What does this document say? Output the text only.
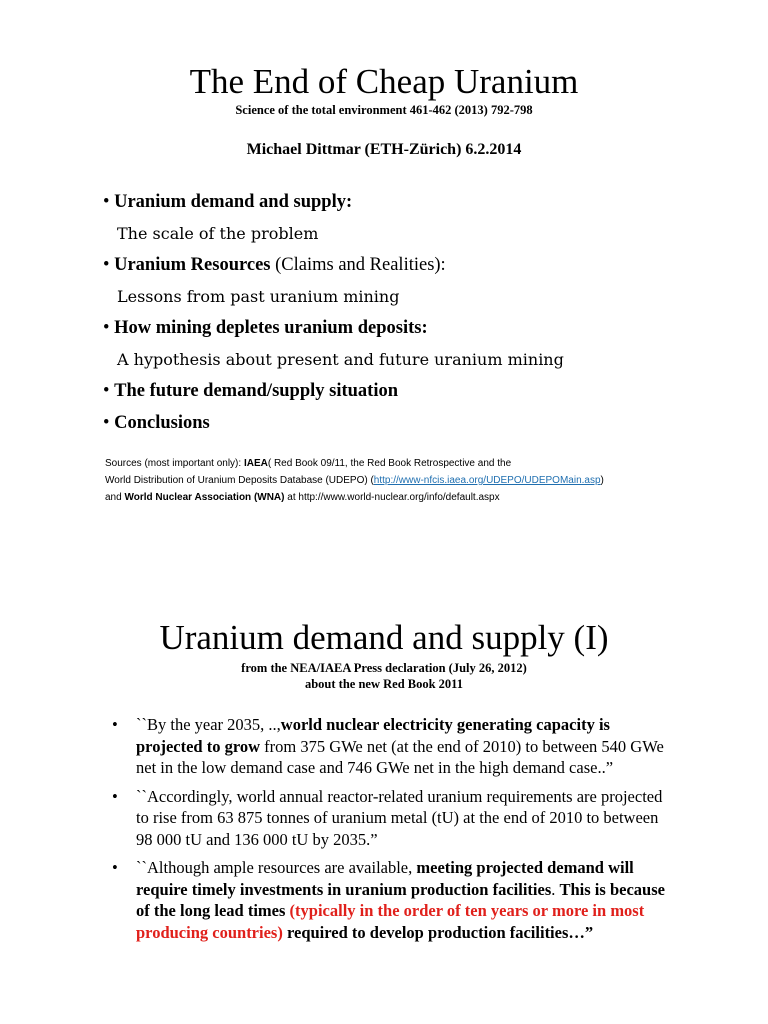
The End of Cheap Uranium
Science of the total environment 461-462 (2013) 792-798
Michael Dittmar (ETH-Zürich) 6.2.2014
• Uranium demand and supply:
The scale of the problem
• Uranium Resources (Claims and Realities):
Lessons from past uranium mining
• How mining depletes uranium deposits:
A hypothesis about present and future uranium mining
• The future demand/supply situation
• Conclusions
Sources (most important only): IAEA( Red Book 09/11, the Red Book Retrospective and the
World Distribution of Uranium Deposits Database (UDEPO) (http://www-nfcis.iaea.org/UDEPO/UDEPOMain.asp)
and World Nuclear Association (WNA) at http://www.world-nuclear.org/info/default.aspx
Uranium demand and supply (I)
from the NEA/IAEA Press declaration (July 26, 2012)
about the new Red Book 2011
• ``By the year 2035, ..,world nuclear electricity generating capacity is projected to grow from 375 GWe net (at the end of 2010) to between 540 GWe net in the low demand case and 746 GWe net in the high demand case..”
• ``Accordingly, world annual reactor-related uranium requirements are projected to rise from 63 875 tonnes of uranium metal (tU) at the end of 2010 to between 98 000 tU and 136 000 tU by 2035.”
• ``Although ample resources are available, meeting projected demand will require timely investments in uranium production facilities. This is because of the long lead times (typically in the order of ten years or more in most producing countries) required to develop production facilities…”
